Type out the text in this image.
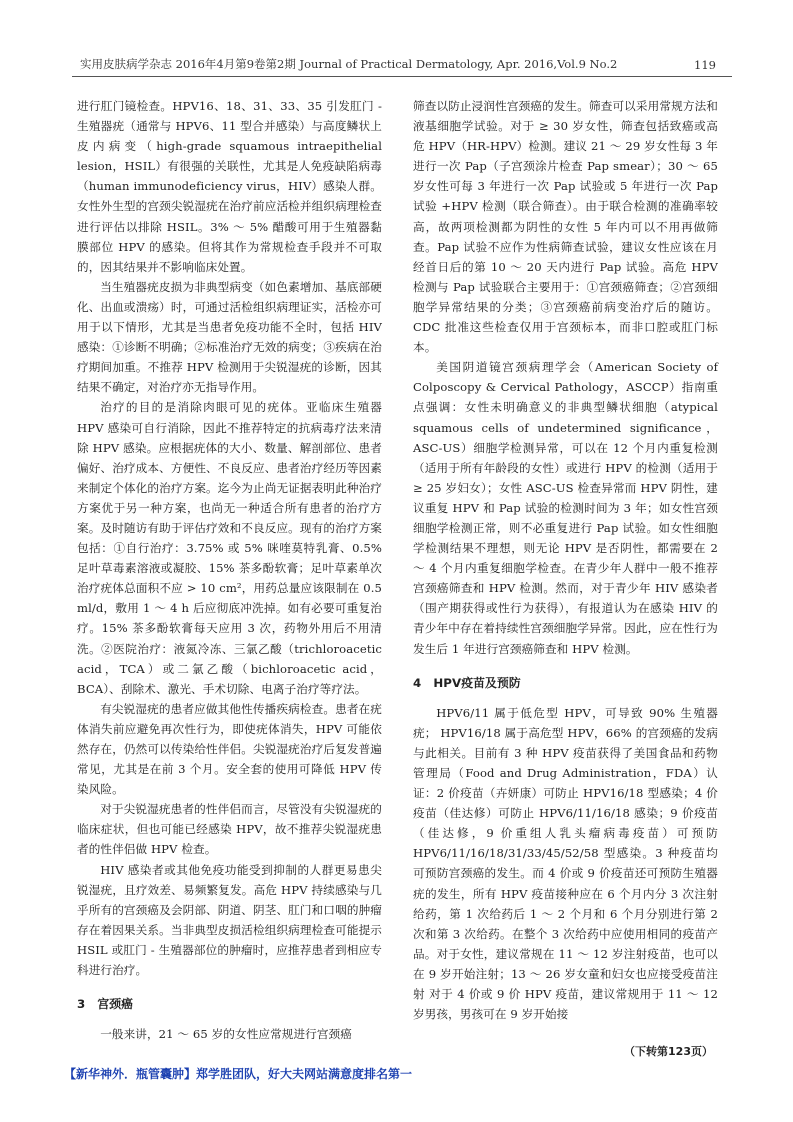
实用皮肤病学杂志 2016年4月第9卷第2期 Journal of Practical Dermatology, Apr. 2016,Vol.9 No.2	119

进行肛门镜检查。HPV16、18、31、33、35 引发肛门 - 生殖器疣（通常与 HPV6、11 型合并感染）与高度鳞状上皮内病变（high-grade squamous intraepithelial lesion，HSIL）有很强的关联性，尤其是人免疫缺陷病毒（human immunodeficiency virus，HIV）感染人群。女性外生型的宫颈尖锐湿疣在治疗前应活检并组织病理检查进行评估以排除 HSIL。3% ～ 5% 醋酸可用于生殖器黏膜部位 HPV 的感染。但将其作为常规检查手段并不可取的，因其结果并不影响临床处置。

当生殖器疣皮损为非典型病变（如色素增加、基底部硬化、出血或溃疡）时，可通过活检组织病理证实，活检亦可用于以下情形，尤其是当患者免疫功能不全时，包括 HIV 感染：①诊断不明确；②标准治疗无效的病变；③疾病在治疗期间加重。不推荐 HPV 检测用于尖锐湿疣的诊断，因其结果不确定，对治疗亦无指导作用。

治疗的目的是消除肉眼可见的疣体。亚临床生殖器 HPV 感染可自行消除，因此不推荐特定的抗病毒疗法来清除 HPV 感染。应根据疣体的大小、数量、解剖部位、患者偏好、治疗成本、方便性、不良反应、患者治疗经历等因素来制定个体化的治疗方案。迄今为止尚无证据表明此种治疗方案优于另一种方案，也尚无一种适合所有患者的治疗方案。及时随访有助于评估疗效和不良反应。现有的治疗方案包括：①自行治疗：3.75% 或 5% 咪喹莫特乳膏、0.5% 足叶草毒素溶液或凝胶、15% 茶多酚软膏；足叶草素单次治疗疣体总面积不应 > 10 cm²，用药总量应该限制在 0.5 ml/d，敷用 1 ～ 4 h 后应彻底冲洗掉。如有必要可重复治疗。15% 茶多酚软膏每天应用 3 次，药物外用后不用清洗。②医院治疗：液氮冷冻、三氯乙酸（trichloroacetic acid，TCA）或二氯乙酸（bichloroacetic acid，BCA）、刮除术、激光、手术切除、电离子治疗等疗法。

有尖锐湿疣的患者应做其他性传播疾病检查。患者在疣体消失前应避免再次性行为，即使疣体消失，HPV 可能依然存在，仍然可以传染给性伴侣。尖锐湿疣治疗后复发普遍常见，尤其是在前 3 个月。安全套的使用可降低 HPV 传染风险。

对于尖锐湿疣患者的性伴侣而言，尽管没有尖锐湿疣的临床症状，但也可能已经感染 HPV，故不推荐尖锐湿疣患者的性伴侣做 HPV 检查。

HIV 感染者或其他免疫功能受到抑制的人群更易患尖锐湿疣，且疗效差、易频繁复发。高危 HPV 持续感染与几乎所有的宫颈癌及会阴部、阴道、阴茎、肛门和口咽的肿瘤存在着因果关系。当非典型皮损活检组织病理检查可能提示 HSIL 或肛门 - 生殖器部位的肿瘤时，应推荐患者到相应专科进行治疗。

3 宫颈癌

一般来讲，21 ～ 65 岁的女性应常规进行宫颈癌

筛查以防止浸润性宫颈癌的发生。筛查可以采用常规方法和液基细胞学试验。对于 ≥ 30 岁女性，筛查包括致癌或高危 HPV（HR-HPV）检测。建议 21 ～ 29 岁女性每 3 年进行一次 Pap（子宫颈涂片检查 Pap smear）；30 ～ 65 岁女性可每 3 年进行一次 Pap 试验或 5 年进行一次 Pap 试验 +HPV 检测（联合筛查）。由于联合检测的准确率较高，故两项检测都为阴性的女性 5 年内可以不用再做筛查。Pap 试验不应作为性病筛查试验，建议女性应该在月经首日后的第 10 ～ 20 天内进行 Pap 试验。高危 HPV 检测与 Pap 试验联合主要用于：①宫颈癌筛查；②宫颈细胞学异常结果的分类；③宫颈癌前病变治疗后的随访。CDC 批准这些检查仅用于宫颈标本，而非口腔或肛门标本。

美国阴道镜宫颈病理学会（American Society of Colposcopy & Cervical Pathology，ASCCP）指南重点强调：女性未明确意义的非典型鳞状细胞（atypical squamous cells of undetermined significance，ASC-US）细胞学检测异常，可以在 12 个月内重复检测（适用于所有年龄段的女性）或进行 HPV 的检测（适用于 ≥ 25 岁妇女）；女性 ASC-US 检查异常而 HPV 阴性，建议重复 HPV 和 Pap 试验的检测时间为 3 年；如女性宫颈细胞学检测正常，则不必重复进行 Pap 试验。如女性细胞学检测结果不理想，则无论 HPV 是否阴性，都需要在 2 ～ 4 个月内重复细胞学检查。在青少年人群中一般不推荐宫颈癌筛查和 HPV 检测。然而，对于青少年 HIV 感染者（围产期获得或性行为获得），有报道认为在感染 HIV 的青少年中存在着持续性宫颈细胞学异常。因此，应在性行为发生后 1 年进行宫颈癌筛查和 HPV 检测。

4 HPV疫苗及预防

HPV6/11 属于低危型 HPV，可导致 90% 生殖器疣； HPV16/18 属于高危型 HPV，66% 的宫颈癌的发病与此相关。目前有 3 种 HPV 疫苗获得了美国食品和药物管理局（Food and Drug Administration，FDA）认证：2 价疫苗（卉妍康）可防止 HPV16/18 型感染；4 价疫苗（佳达修）可防止 HPV6/11/16/18 感染；9 价疫苗（佳达修，9 价重组人乳头瘤病毒疫苗）可预防 HPV6/11/16/18/31/33/45/52/58 型感染。3 种疫苗均可预防宫颈癌的发生。而 4 价或 9 价疫苗还可预防生殖器疣的发生，所有 HPV 疫苗接种应在 6 个月内分 3 次注射给药，第 1 次给药后 1 ～ 2 个月和 6 个月分别进行第 2 次和第 3 次给药。在整个 3 次给药中应使用相同的疫苗产品。对于女性，建议常规在 11 ～ 12 岁注射疫苗，也可以在 9 岁开始注射；13 ～ 26 岁女童和妇女也应接受疫苗注射 对于 4 价或 9 价 HPV 疫苗，建议常规用于 11 ～ 12 岁男孩，男孩可在 9 岁开始接

（下转第123页）
【新华神外．瓶管囊肿】郑学胜团队，好大夫网站满意度排名第一
